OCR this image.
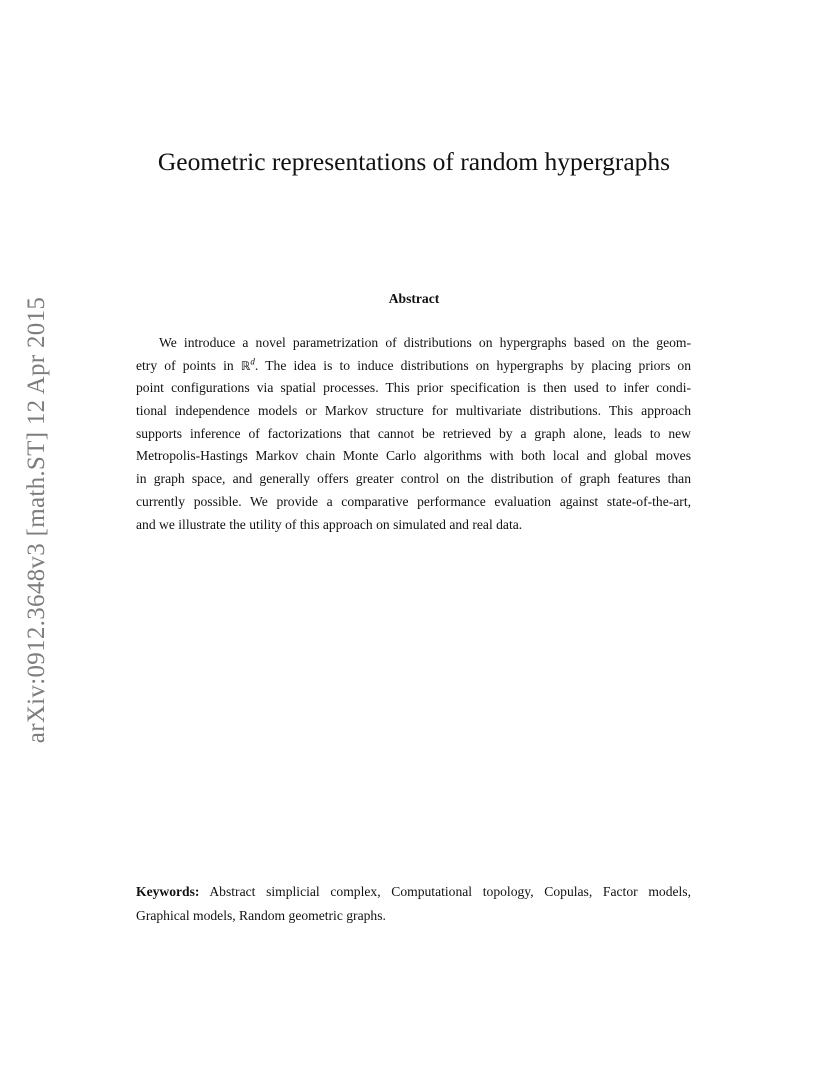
arXiv:0912.3648v3 [math.ST] 12 Apr 2015
Geometric representations of random hypergraphs
Abstract
We introduce a novel parametrization of distributions on hypergraphs based on the geom-
etry of points in ℝ$^d$. The idea is to induce distributions on hypergraphs by placing priors on
point configurations via spatial processes. This prior specification is then used to infer condi-
tional independence models or Markov structure for multivariate distributions. This approach
supports inference of factorizations that cannot be retrieved by a graph alone, leads to new
Metropolis-Hastings Markov chain Monte Carlo algorithms with both local and global moves
in graph space, and generally offers greater control on the distribution of graph features than
currently possible. We provide a comparative performance evaluation against state-of-the-art,
and we illustrate the utility of this approach on simulated and real data.
Keywords: Abstract simplicial complex, Computational topology, Copulas, Factor models,
Graphical models, Random geometric graphs.
